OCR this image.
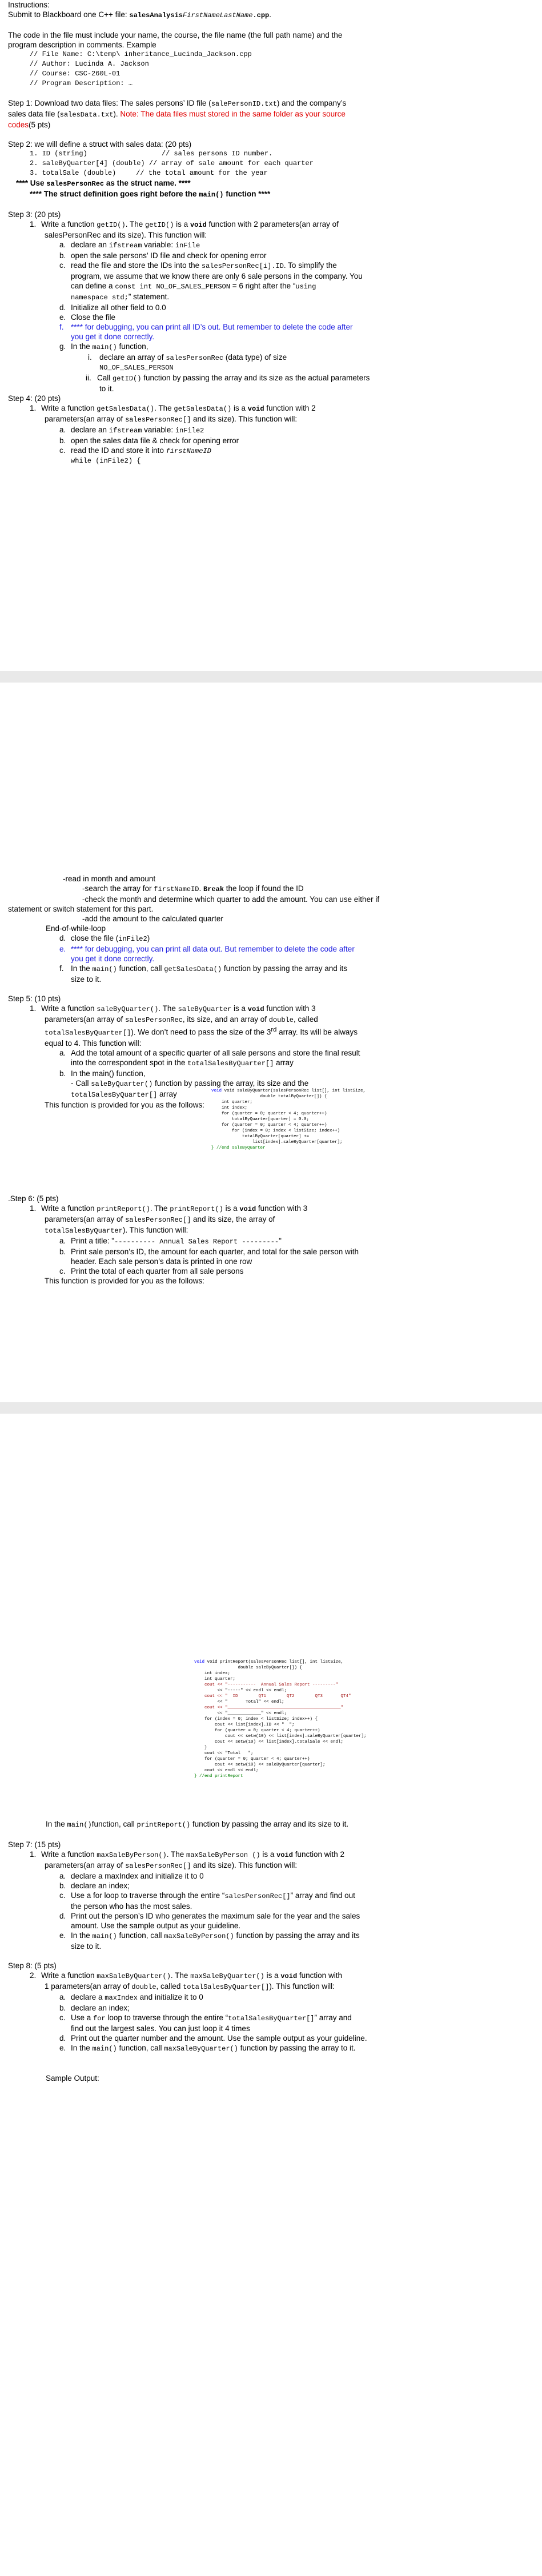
Instructions:

Submit to Blackboard one C++ file: salesAnalysisFirstNameLastName.cpp.

The code in the file must include your name, the course, the file name (the full path name) and the

program description in comments. Example

// File Name: C:\temp\ inheritance_Lucinda_Jackson.cpp

// Author: Lucinda A. Jackson

// Course: CSC-260L-01

// Program Description: …

Step 1: Download two data files: The sales persons’ ID file (salePersonID.txt) and the company’s

sales data file (salesData.txt). Note: The data files must stored in the same folder as your source

codes(5 pts)

Step 2: we will define a struct with sales data: (20 pts)

1. ID (string)	// sales persons ID number.

2. saleByQuarter[4] (double) // array of sale amount for each quarter

3. totalSale (double)	// the total amount for the year

**** Use salesPersonRec as the struct name. ****

**** The struct definition goes right before the main() function ****

Step 3: (20 pts)

1. Write a function getID(). The getID() is a void function with 2 parameters(an array of

salesPersonRec and its size). This function will:

a. declare an ifstream variable: inFile

b. open the sale persons’ ID file and check for opening error

c. read the file and store the IDs into the salesPersonRec[i].ID. To simplify the

program, we assume that we know there are only 6 sale persons in the company. You

can define a const int NO_OF_SALES_PERSON = 6 right after the “using

namespace std;” statement.

d. Initialize all other field to 0.0

e. Close the file

f. **** for debugging, you can print all ID’s out. But remember to delete the code after

you get it done correctly.

g. In the main() function,

i. declare an array of salesPersonRec (data type) of size

NO_OF_SALES_PERSON

ii. Call getID() function by passing the array and its size as the actual parameters

to it.

Step 4: (20 pts)

1. Write a function getSalesData(). The getSalesData() is a void function with 2

parameters(an array of salesPersonRec[] and its size). This function will:

a. declare an ifstream variable: inFile2

b. open the sales data file & check for opening error

c. read the ID and store it into firstNameID

while (inFile2) {

-read in month and amount

-search the array for firstNameID. Break the loop if found the ID

-check the month and determine which quarter to add the amount. You can use either if

statement or switch statement for this part.

-add the amount to the calculated quarter

End-of-while-loop

d. close the file (inFile2)

e. **** for debugging, you can print all data out. But remember to delete the code after

you get it done correctly.

f. In the main() function, call getSalesData() function by passing the array and its

size to it.

Step 5: (10 pts)

1. Write a function saleByQuarter(). The saleByQuarter is a void function with 3

parameters(an array of salesPersonRec, its size, and an array of double, called

totalSalesByQuarter[]). We don’t need to pass the size of the 3rd array. Its will be always

equal to 4. This function will:

a. Add the total amount of a specific quarter of all sale persons and store the final result

into the correspondent spot in the totalSalesByQuarter[] array

b. In the main() function,

- Call saleByQuarter() function by passing the array, its size and the

totalSalesByQuarter[] array

This function is provided for you as the follows:

void void saleByQuarter(salesPersonRec list[], int listSize,
double totalByQuarter[]) {
int quarter;
int index;
for (quarter = 0; quarter < 4; quarter++)
totalByQuarter[quarter] = 0.0;
for (quarter = 0; quarter < 4; quarter++)
for (index = 0; index < listSize; index++)
totalByQuarter[quarter] +=
list[index].saleByQuarter[quarter];
} //end saleByQuarter

.Step 6: (5 pts)

1. Write a function printReport(). The printReport() is a void function with 3

parameters(an array of salesPersonRec[] and its size, the array of

totalSalesByQuarter). This function will:

a. Print a title: "---------- Annual Sales Report ---------"

b. Print sale person’s ID, the amount for each quarter, and total for the sale person with

header. Each sale person’s data is printed in one row

c. Print the total of each quarter from all sale persons

This function is provided for you as the follows:

void void printReport(salesPersonRec list[], int listSize,
double saleByQuarter[]) {
int index;
int quarter;
cout << "-----------  Annual Sales Report ---------"
<< "-----" << endl << endl;
cout << "  ID        QT1        QT2        QT3       QT4"
<< "       Total" << endl;
cout << "____________________________________________"
<< "_____________" << endl;
for (index = 0; index < listSize; index++) {
cout << list[index].ID << "  ";
for (quarter = 0; quarter < 4; quarter++)
cout << setw(10) << list[index].saleByQuarter[quarter];
cout << setw(10) << list[index].totalSale << endl;
}
cout << "Total   ";
for (quarter = 0; quarter < 4; quarter++)
cout << setw(10) << saleByQuarter[quarter];
cout << endl << endl;
} //end printReport

In the main()function, call printReport() function by passing the array and its size to it.

Step 7: (15 pts)

1. Write a function maxSaleByPerson(). The maxSaleByPerson () is a void function with 2

parameters(an array of salesPersonRec[] and its size). This function will:

a. declare a maxIndex and initialize it to 0

b. declare an index;

c. Use a for loop to traverse through the entire “salesPersonRec[]” array and find out

the person who has the most sales.

d. Print out the person’s ID who generates the maximum sale for the year and the sales

amount. Use the sample output as your guideline.

e. In the main() function, call maxSaleByPerson() function by passing the array and its

size to it.

Step 8: (5 pts)

2. Write a function maxSaleByQuarter(). The maxSaleByQuarter() is a void function with

1 parameters(an array of double, called totalSalesByQuarter[]). This function will:

a. declare a maxIndex and initialize it to 0

b. declare an index;

c. Use a for loop to traverse through the entire “totalSalesByQuarter[]” array and

find out the largest sales. You can just loop it 4 times

d. Print out the quarter number and the amount. Use the sample output as your guideline.

e. In the main() function, call maxSaleByQuarter() function by passing the array to it.

Sample Output:
